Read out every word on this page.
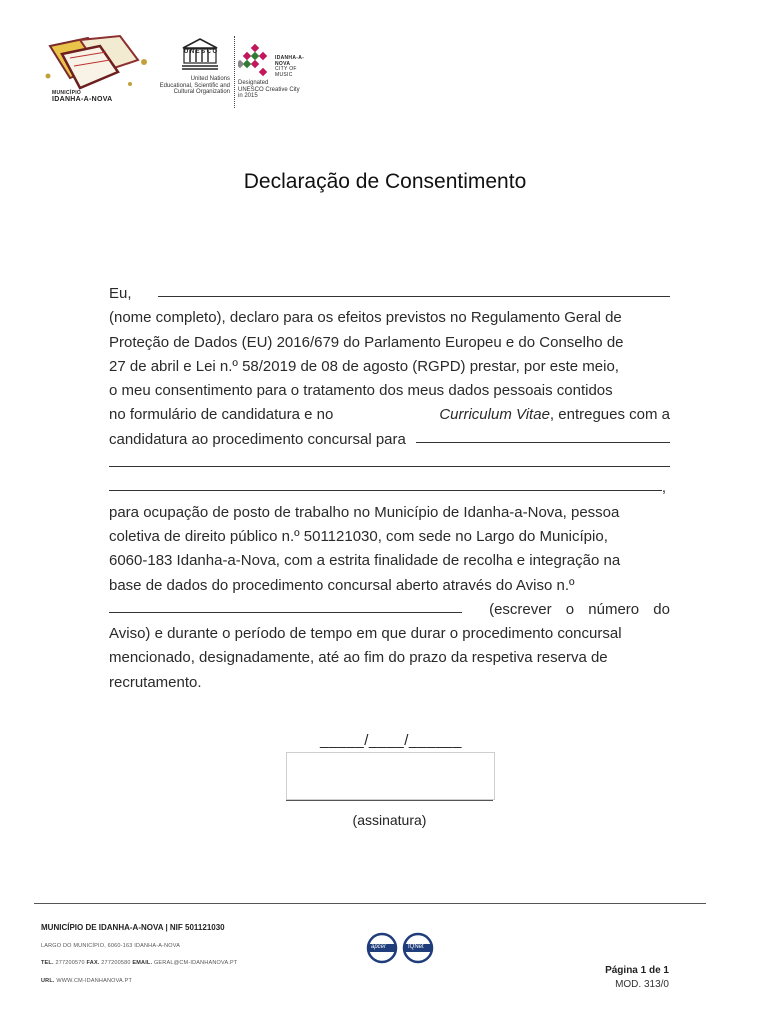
MUNICÍPIO
IDANHA-A-NOVA
UNESCO
United Nations
Educational, Scientific and
Cultural Organization
IDANHA-A-NOVA
CITY OF MUSIC
Designated
UNESCO Creative City
in 2015
Declaração de Consentimento
Eu,
(nome completo), declaro para os efeitos previstos no Regulamento Geral de
Proteção de Dados (EU) 2016/679 do Parlamento Europeu e do Conselho de
27 de abril e Lei n.º 58/2019 de 08 de agosto (RGPD) prestar, por este meio,
o meu consentimento para o tratamento dos meus dados pessoais contidos
no formulário de candidatura e no	Curriculum Vitae, entregues com a
candidatura ao procedimento concursal para
,
para ocupação de posto de trabalho no Município de Idanha-a-Nova, pessoa
coletiva de direito público n.º 501121030, com sede no Largo do Município,
6060-183 Idanha-a-Nova, com a estrita finalidade de recolha e integração na
base de dados do procedimento concursal aberto através do Aviso n.º
(escrever o número do
Aviso) e durante o período de tempo em que durar o procedimento concursal
mencionado, designadamente, até ao fim do prazo da respetiva reserva de
recrutamento.
_____/____/______
(assinatura)
MUNICÍPIO DE IDANHA-A-NOVA | NIF 501121030
LARGO DO MUNICÍPIO, 6060-163 IDANHA-A-NOVA
TEL. 277200570 FAX. 277200580 EMAIL. GERAL@CM-IDANHANOVA.PT
URL. WWW.CM-IDANHANOVA.PT
apcer	IQNet
Página 1 de 1
MOD. 313/0
